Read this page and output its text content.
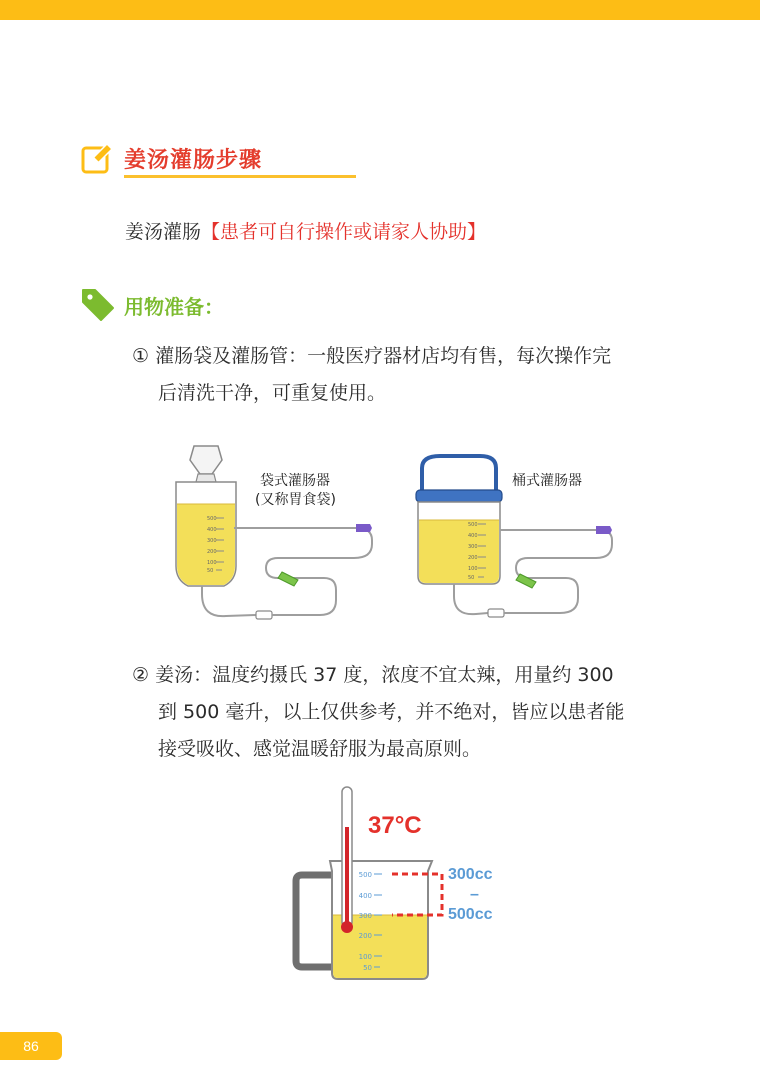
姜汤灌肠步骤
姜汤灌肠【患者可自行操作或请家人协助】
用物准备：
① 灌肠袋及灌肠管：一般医疗器材店均有售，每次操作完
后清洗干净，可重复使用。
500
400
300
200
100
50
袋式灌肠器
(又称胃食袋)
500
400
300
200
100
50
桶式灌肠器
② 姜汤：温度约摄氏 37 度，浓度不宜太辣，用量约 300
到 500 毫升，以上仅供参考，并不绝对，皆应以患者能
接受吸收、感觉温暖舒服为最高原则。
500
400
300
200
100
50
37°C
300cc
–
500cc
86
